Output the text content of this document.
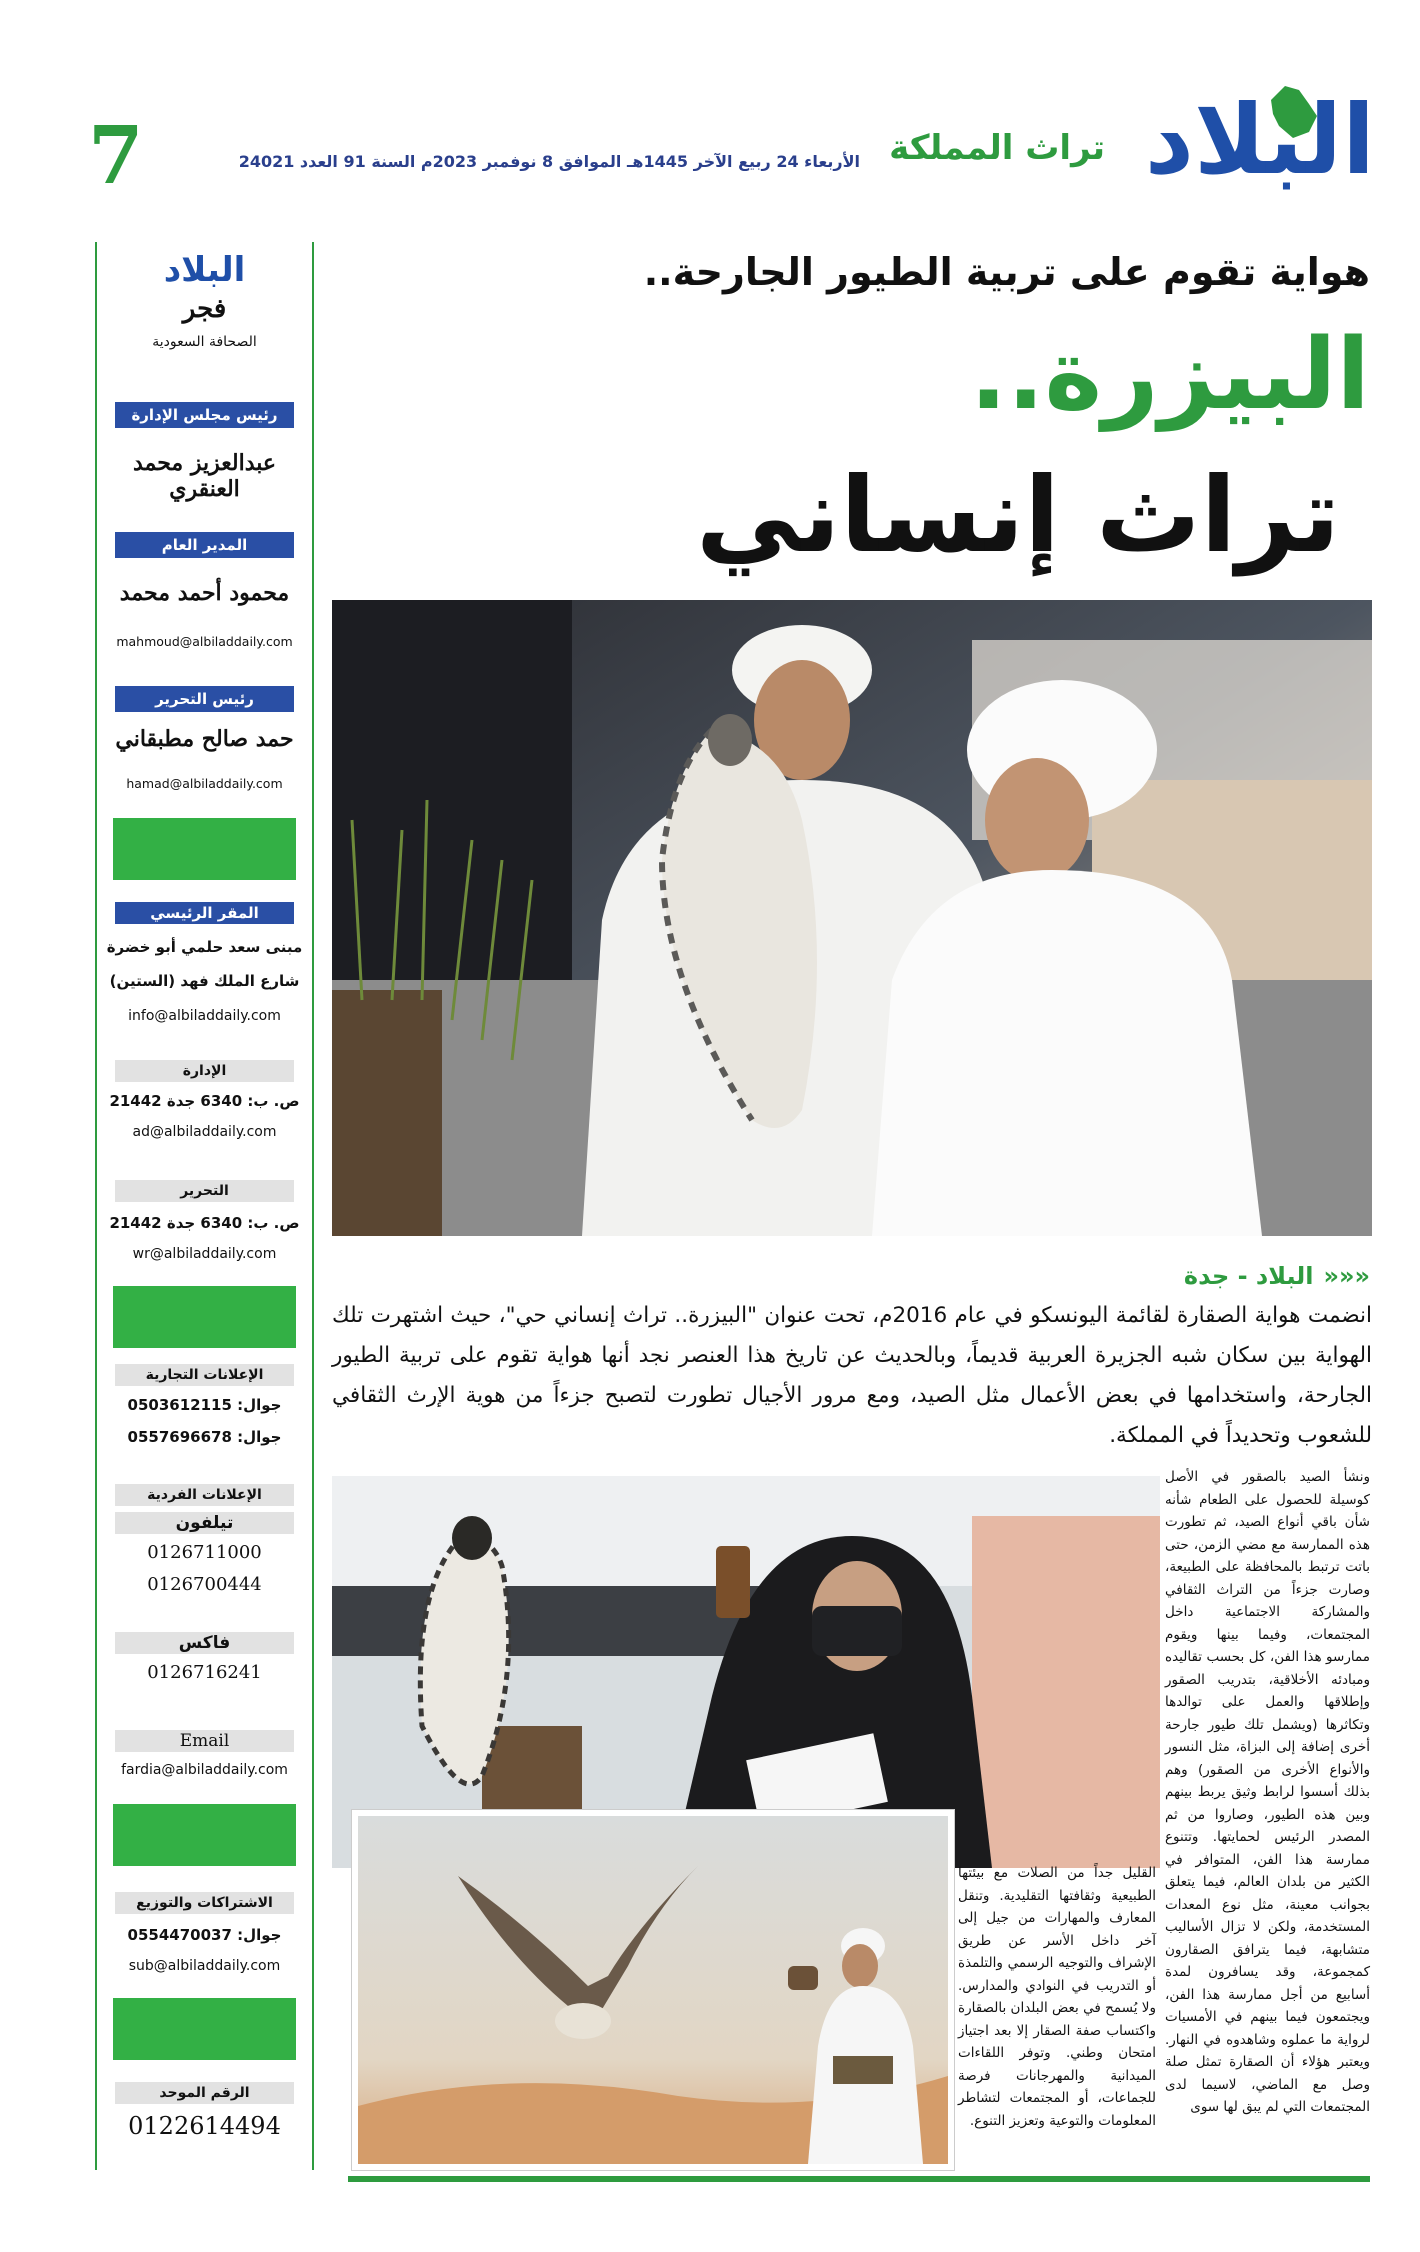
7	الأربعاء 24 ربيع الآخر 1445هـ الموافق 8 نوفمبر 2023م السنة 91 العدد 24021 تراث المملكة البلاد
هواية تقوم على تربية الطيور الجارحة..
البيزرة..
تراث إنساني
«««البلاد - جدة
انضمت هواية الصقارة لقائمة اليونسكو في عام 2016م، تحت عنوان "البيزرة.. تراث إنساني حي"، حيث اشتهرت تلك الهواية بين سكان شبه الجزيرة العربية قديماً، وبالحديث عن تاريخ هذا العنصر نجد أنها هواية تقوم على تربية الطيور الجارحة، واستخدامها في بعض الأعمال مثل الصيد، ومع مرور الأجيال تطورت لتصبح جزءاً من هوية الإرث الثقافي للشعوب وتحديداً في المملكة.
ونشأ الصيد بالصقور في الأصل كوسيلة للحصول على الطعام شأنه شأن باقي أنواع الصيد، ثم تطورت هذه الممارسة مع مضي الزمن، حتى باتت ترتبط بالمحافظة على الطبيعة، وصارت جزءاً من التراث الثقافي والمشاركة الاجتماعية داخل المجتمعات، وفيما بينها ويقوم ممارسو هذا الفن، كل بحسب تقاليده ومبادئه الأخلاقية، بتدريب الصقور وإطلاقها والعمل على توالدها وتكاثرها (ويشمل تلك طيور جارحة أخرى إضافة إلى البزاة، مثل النسور والأنواع الأخرى من الصقور) وهم بذلك أسسوا لرابط وثيق يربط بينهم وبين هذه الطيور، وصاروا من ثم المصدر الرئيس لحمايتها. وتتنوع ممارسة هذا الفن، المتوافر في الكثير من بلدان العالم، فيما يتعلق بجوانب معينة، مثل نوع المعدات المستخدمة، ولكن لا تزال الأساليب متشابهة، فيما يترافق الصقارون كمجموعة، وقد يسافرون لمدة أسابيع من أجل ممارسة هذا الفن، ويجتمعون فيما بينهم في الأمسيات لرواية ما عملوه وشاهدوه في النهار. ويعتبر هؤلاء أن الصقارة تمثل صلة وصل مع الماضي، لاسيما لدى المجتمعات التي لم يبق لها سوى
القليل جداً من الصلات مع بيئتها الطبيعية وثقافتها التقليدية. وتنقل المعارف والمهارات من جيل إلى آخر داخل الأسر عن طريق الإشراف والتوجيه الرسمي والتلمذة أو التدريب في النوادي والمدارس. ولا يُسمح في بعض البلدان بالصقارة واكتساب صفة الصقار إلا بعد اجتياز امتحان وطني. وتوفر اللقاءات الميدانية والمهرجانات فرصة للجماعات، أو المجتمعات لتشاطر المعلومات والتوعية وتعزيز التنوع.
البلاد
فجر
الصحافة السعودية
رئيس مجلس الإدارة
عبدالعزيز محمد العنقري
المدير العام
محمود أحمد محمد
mahmoud@albiladdaily.com
رئيس التحرير
حمد صالح مطبقاني
hamad@albiladdaily.com
المقر الرئيسي
مبنى سعد حلمي أبو خضرة
شارع الملك فهد (الستين)
info@albiladdaily.com
الإدارة
ص. ب: 6340 جدة 21442
ad@albiladdaily.com
التحرير
ص. ب: 6340 جدة 21442
wr@albiladdaily.com
الإعلانات التجارية
جوال: 0503612115
جوال: 0557696678
الإعلانات الفردية
تيلفون
0126711000
0126700444
فاكس
0126716241
Email
fardia@albiladdaily.com
الاشتراكات والتوزيع
جوال: 0554470037
sub@albiladdaily.com
الرقم الموحد
0122614494
